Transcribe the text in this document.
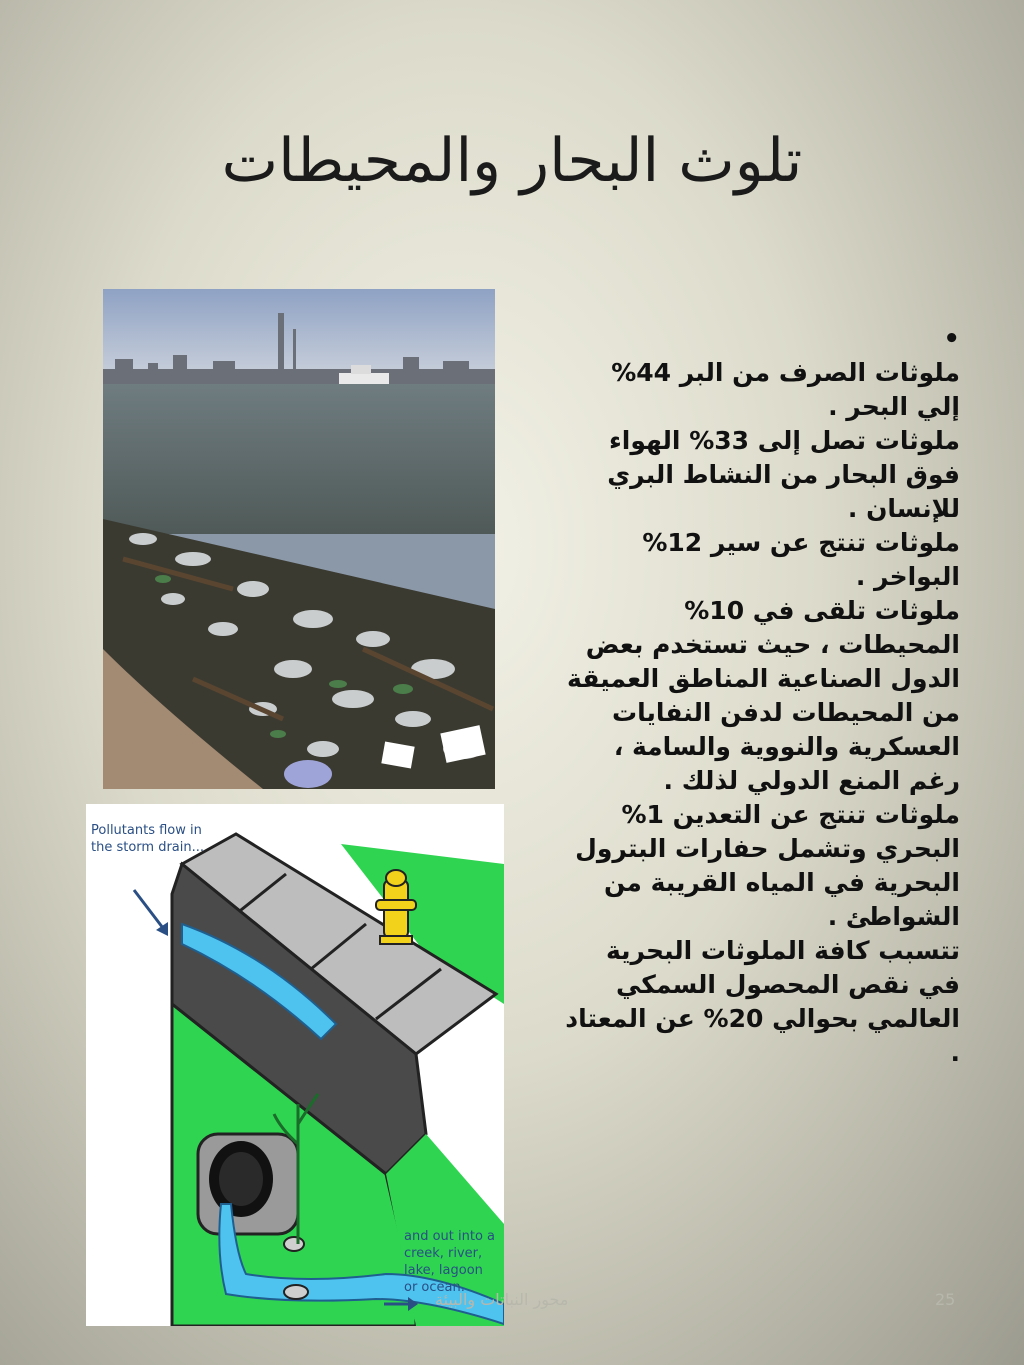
تلوث البحار والمحيطات
Pollutants flow in the storm drain...
and out into a creek, river, lake, lagoon or ocean.
•

ملوثات الصرف من البر 44% إلي البحر .

ملوثات تصل إلى 33% الهواء فوق البحار من النشاط البري للإنسان .

ملوثات تنتج عن سير 12% البواخر .

ملوثات تلقى في 10% المحيطات ، حيث تستخدم بعض الدول الصناعية المناطق العميقة من المحيطات لدفن النفايات العسكرية والنووية والسامة ، رغم المنع الدولي لذلك .

ملوثات تنتج عن التعدين 1% البحري وتشمل حفارات البترول البحرية في المياه القريبة من الشواطئ .

تتسبب كافة الملوثات البحرية في نقص المحصول السمكي العالمي بحوالي 20% عن المعتاد .

محور النباتات والبيئة	25
